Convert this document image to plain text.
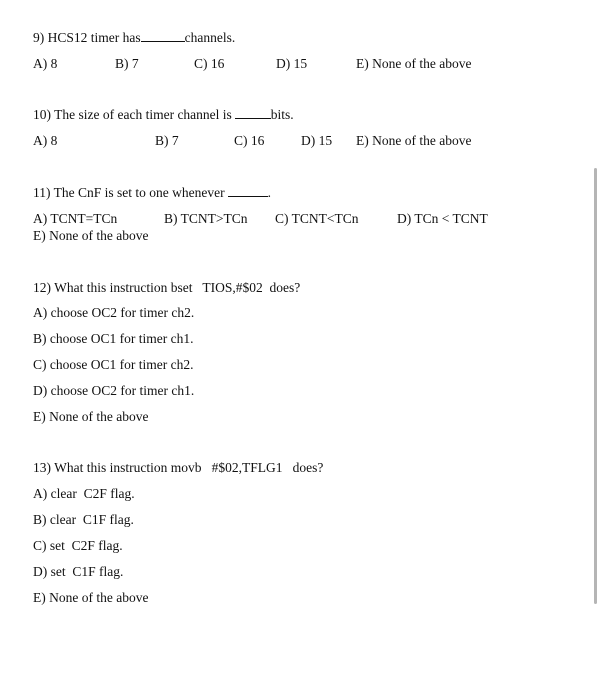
9) HCS12 timer has	channels.
A) 8	B) 7	C) 16	D) 15	E) None of the above
10) The size of each timer channel is	bits.
A) 8	B) 7	C) 16	D) 15 E) None of the above
11) The CnF is set to one whenever	.
A) TCNT=TCn	B) TCNT>TCn C) TCNT<TCn	D) TCn < TCNT
E) None of the above
12) What this instruction bset   TIOS,#$02  does?
A) choose OC2 for timer ch2.
B) choose OC1 for timer ch1.
C) choose OC1 for timer ch2.
D) choose OC2 for timer ch1.
E) None of the above
13) What this instruction movb   #$02,TFLG1   does?
A) clear  C2F flag.
B) clear  C1F flag.
C) set  C2F flag.
D) set  C1F flag.
E) None of the above
